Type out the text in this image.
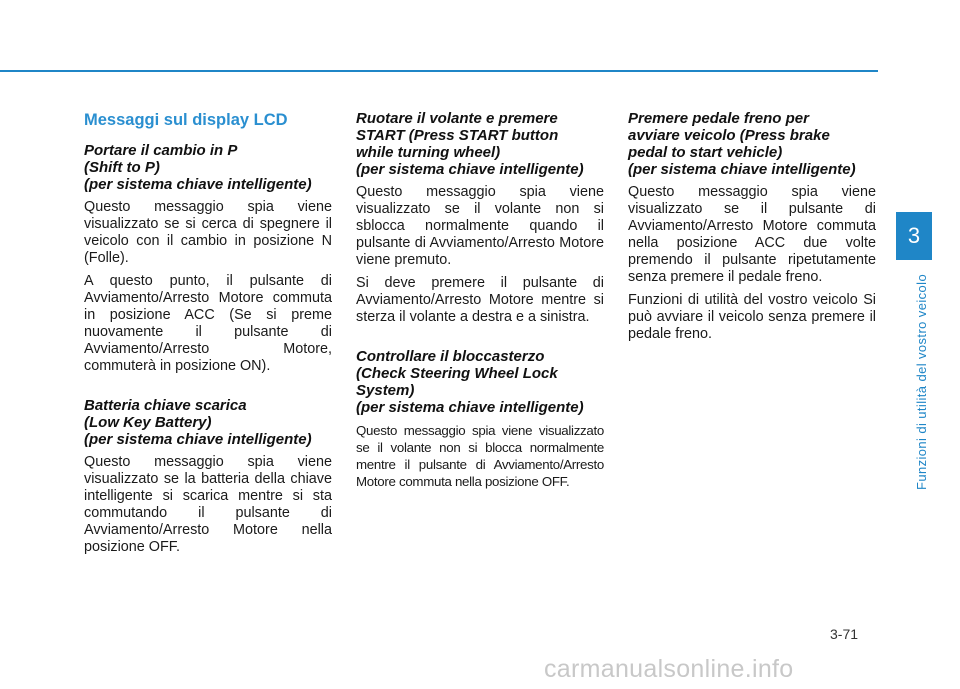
Messaggi sul display LCD
Portare il cambio in P
(Shift to P)
(per sistema chiave intelligente)

Questo messaggio spia viene visualizzato se si cerca di spegnere il veicolo con il cambio in posizione N (Folle).

A questo punto, il pulsante di Avviamento/Arresto Motore commuta in posizione ACC (Se si preme nuovamente il pulsante di Avviamento/Arresto Motore, commuterà in posizione ON).

Batteria chiave scarica
(Low Key Battery)
(per sistema chiave intelligente)

Questo messaggio spia viene visualizzato se la batteria della chiave intelligente si scarica mentre si sta commutando il pulsante di Avviamento/Arresto Motore nella posizione OFF.

Ruotare il volante e premere
START (Press START button
while turning wheel)
(per sistema chiave intelligente)

Questo messaggio spia viene visualizzato se il volante non si sblocca normalmente quando il pulsante di Avviamento/Arresto Motore viene premuto.

Si deve premere il pulsante di Avviamento/Arresto Motore mentre si sterza il volante a destra e a sinistra.

Controllare il bloccasterzo
(Check Steering Wheel Lock
System)
(per sistema chiave intelligente)

Questo messaggio spia viene visualizzato se il volante non si blocca normalmente mentre il pulsante di Avviamento/Arresto Motore commuta nella posizione OFF.

Premere pedale freno per
avviare veicolo (Press brake
pedal to start vehicle)
(per sistema chiave intelligente)

Questo messaggio spia viene visualizzato se il pulsante di Avviamento/Arresto Motore commuta nella posizione ACC due volte premendo il pulsante ripetutamente senza premere il pedale freno.

Funzioni di utilità del vostro veicolo Si può avviare il veicolo senza premere il pedale freno.

3
Funzioni di utilità del vostro veicolo
3-71
carmanualsonline.info
